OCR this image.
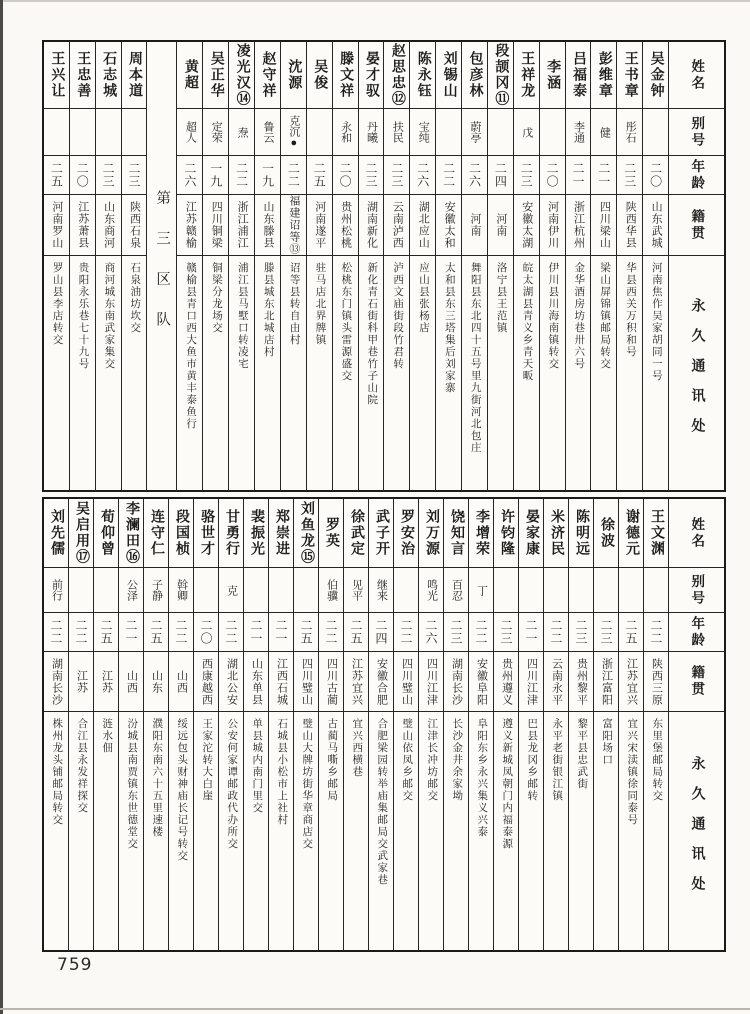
姓名
别号
年龄
籍贯
永久通讯处
吴金钟
二〇
山东武城
河南焦作吴家胡同一号
王书章
彤石
二三
陕西华县
华县西关万积和号
彭维章
健
二一
四川梁山
梁山屏锦镇邮局转交
吕福泰
李通
二一
浙江杭州
金华酒房坊巷卅六号
李涵
二〇
河南伊川
伊川县川海南镇转交
王祥龙
戊
二三
安徽太湖
皖太湖县青义乡青天畈
段颉冈⑪
二四
河南
洛宁县王范镇
包彦林
蔚亭
二六
河南
舞阳县东北四十五号里九街河北包庄
刘锡山
二二
安徽太和
太和县东三塔集后刘家寨
陈永钰
宝纯
二六
湖北应山
应山县张杨店
赵思忠⑫
扶民
二三
云南泸西
泸西文庙街段竹君转
晏才驭
丹曦
二三
湖南新化
新化青石街科甲巷竹子山院
滕文祥
永和
二〇
贵州松桃
松桃东门镇头雷源盛交
吴俊
二五
河南遂平
驻马店北界牌镇
沈源
克沉●
二二
福建诏等⑬
诏等县转自由村
赵守祥
鲁云
一九
山东滕县
滕县城东北城店村
凌光汉⑭
焘
二二
浙江浦江
浦江县马墅口转凌宅
吴正华
定荣
一九
四川铜梁
铜梁分龙场交
黄超
超人
二六
江苏赣榆
赣榆县青口西大鱼市黄丰泰鱼行
第三区队
周本道
二三
陕西石泉
石泉油坊坎交
石志城
二三
山东商河
商河城东南武家集交
王忠善
二〇
江苏萧县
贵阳永乐巷七十九号
王兴让
二五
河南罗山
罗山县李店转交
姓名
别号
年龄
籍贯
永久通讯处
王文渊
二二
陕西三原
东里堡邮局转交
谢德元
二五
江苏宜兴
宜兴宋渎镇徐同泰号
徐波
二三
浙江富阳
富阳场口
陈明远
二三
贵州黎平
黎平县忠武街
米济民
二二
云南永平
永平老街银江镇
晏家康
二一
四川江津
巴县龙冈乡邮转
许钧隆
二三
贵州遵义
遵义新城凤朝门内福泰源
李增荣
丁
二二
安徽阜阳
阜阳东乡永兴集义兴泰
饶知言
百忍
二三
湖南长沙
长沙金井余家坳
刘万源
鸣光
二六
四川江津
江津长冲坊邮交
罗安治
二二
四川璧山
璧山依凤乡邮交
武子开
继来
二四
安徽合肥
合肥梁园转举庙集邮局交武家巷
徐武定
见平
二五
江苏宜兴
宜兴西横巷
罗英
伯骥
二二
四川古蔺
古蔺马嘶乡邮局
刘鱼龙⑮
二五
四川璧山
璧山大牌坊街华章商店交
郑崇进
二一
江西石城
石城县小松市上社村
裴振光
二一
山东单县
单县城内南门里交
甘勇行
克
二二
湖北公安
公安何家谭邮政代办所交
骆世才
二〇
西康越西
王家沱转大白崖
段国桢
斡卿
二二
山西
绥远包头财神庙长记号转交
连守仁
子静
二五
山东
濮阳东南六十五里速楼
李澜田⑯
公泽
二一
山西
汾城县南贾镇东世德堂交
荀仰曾
二五
江苏
涟水佃
吴启用⑰
二二
江苏
合江县永发祥探交
刘先儒
前行
二二
湖南长沙
株州龙头铺邮局转交
759
